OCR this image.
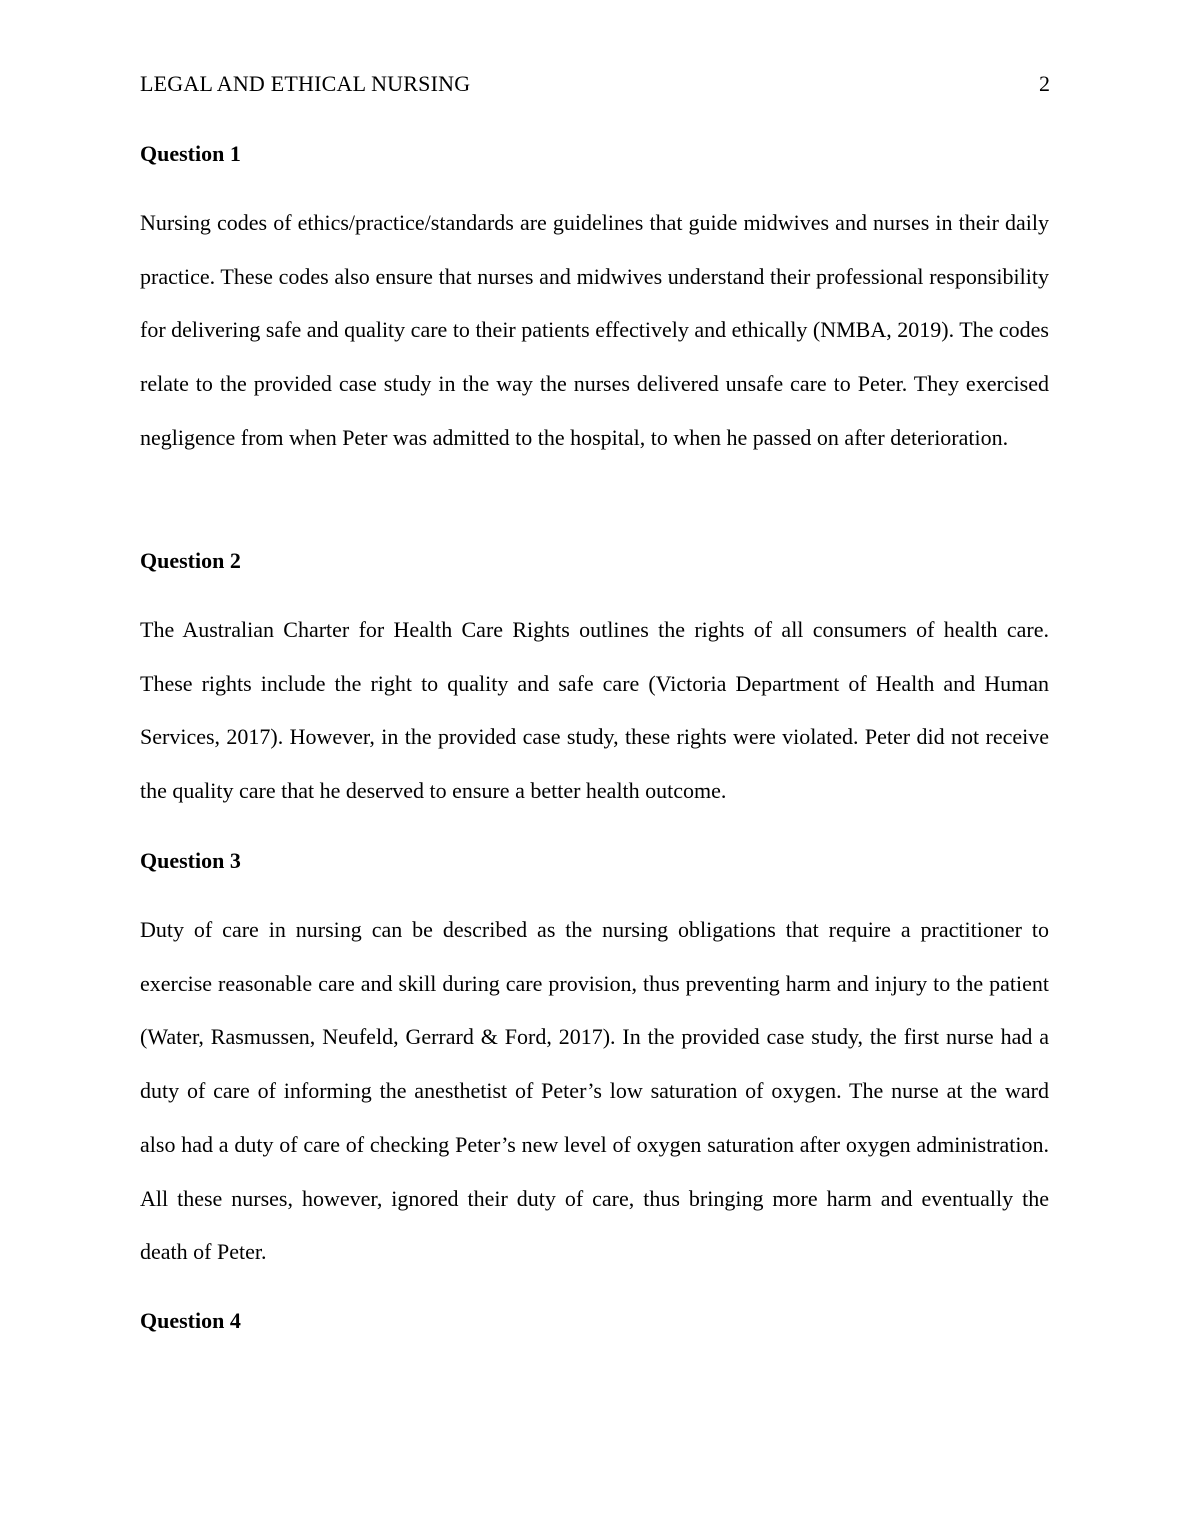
LEGAL AND ETHICAL NURSING	2
Question 1

Nursing codes of ethics/practice/standards are guidelines that guide midwives and nurses in their daily practice. These codes also ensure that nurses and midwives understand their professional responsibility for delivering safe and quality care to their patients effectively and ethically (NMBA, 2019). The codes relate to the provided case study in the way the nurses delivered unsafe care to Peter. They exercised negligence from when Peter was admitted to the hospital, to when he passed on after deterioration.

Question 2

The Australian Charter for Health Care Rights outlines the rights of all consumers of health care. These rights include the right to quality and safe care (Victoria Department of Health and Human Services, 2017). However, in the provided case study, these rights were violated. Peter did not receive the quality care that he deserved to ensure a better health outcome.

Question 3

Duty of care in nursing can be described as the nursing obligations that require a practitioner to exercise reasonable care and skill during care provision, thus preventing harm and injury to the patient (Water, Rasmussen, Neufeld, Gerrard & Ford, 2017). In the provided case study, the first nurse had a duty of care of informing the anesthetist of Peter’s low saturation of oxygen. The nurse at the ward also had a duty of care of checking Peter’s new level of oxygen saturation after oxygen administration. All these nurses, however, ignored their duty of care, thus bringing more harm and eventually the death of Peter.

Question 4
